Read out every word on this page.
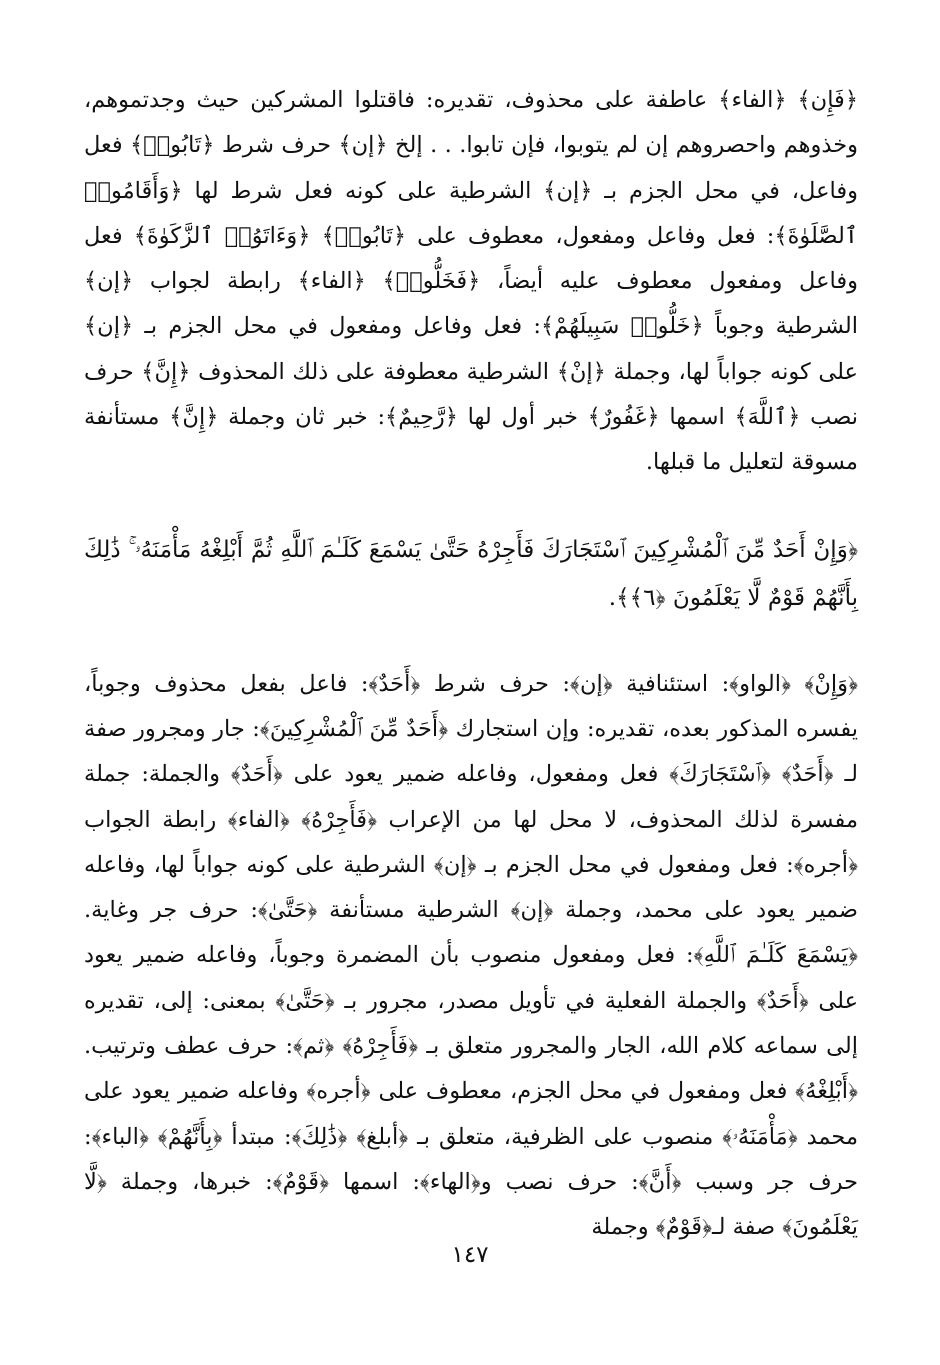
﴿فَإِن﴾ ﴿الفاء﴾ عاطفة على محذوف، تقديره: فاقتلوا المشركين حيث وجدتموهم، وخذوهم واحصروهم إن لم يتوبوا، فإن تابوا. . . إلخ ﴿إن﴾ حرف شرط ﴿تَابُوا۟﴾ فعل وفاعل، في محل الجزم بـ ﴿إن﴾ الشرطية على كونه فعل شرط لها ﴿وَأَقَامُوا۟ ٱلصَّلَوٰةَ﴾: فعل وفاعل ومفعول، معطوف على ﴿تَابُوا۟﴾ ﴿وَءَاتَوُا۟ ٱلزَّكَوٰةَ﴾ فعل وفاعل ومفعول معطوف عليه أيضاً، ﴿فَخَلُّوا۟﴾ ﴿الفاء﴾ رابطة لجواب ﴿إن﴾ الشرطية وجوباً ﴿خَلُّوا۟ سَبِيلَهُمْ﴾: فعل وفاعل ومفعول في محل الجزم بـ ﴿إن﴾ على كونه جواباً لها، وجملة ﴿إنْ﴾ الشرطية معطوفة على ذلك المحذوف ﴿إِنَّ﴾ حرف نصب ﴿ٱللَّهَ﴾ اسمها ﴿غَفُورٌ﴾ خبر أول لها ﴿رَّحِيمٌ﴾: خبر ثان وجملة ﴿إِنَّ﴾ مستأنفة مسوقة لتعليل ما قبلها.

﴿وَإِنْ أَحَدٌ مِّنَ ٱلْمُشْرِكِينَ ٱسْتَجَارَكَ فَأَجِرْهُ حَتَّىٰ يَسْمَعَ كَلَـٰمَ ٱللَّهِ ثُمَّ أَبْلِغْهُ مَأْمَنَهُۥ ۚ ذَٰلِكَ بِأَنَّهُمْ قَوْمٌ لَّا يَعْلَمُونَ ﴿٦﴾﴾.

﴿وَإِنْ﴾ ﴿الواو﴾: استئنافية ﴿إن﴾: حرف شرط ﴿أَحَدٌ﴾: فاعل بفعل محذوف وجوباً، يفسره المذكور بعده، تقديره: وإن استجارك ﴿أَحَدٌ مِّنَ ٱلْمُشْرِكِينَ﴾: جار ومجرور صفة لـ ﴿أَحَدٌ﴾ ﴿ٱسْتَجَارَكَ﴾ فعل ومفعول، وفاعله ضمير يعود على ﴿أَحَدٌ﴾ والجملة: جملة مفسرة لذلك المحذوف، لا محل لها من الإعراب ﴿فَأَجِرْهُ﴾ ﴿الفاء﴾ رابطة الجواب ﴿أجره﴾: فعل ومفعول في محل الجزم بـ ﴿إن﴾ الشرطية على كونه جواباً لها، وفاعله ضمير يعود على محمد، وجملة ﴿إن﴾ الشرطية مستأنفة ﴿حَتَّىٰ﴾: حرف جر وغاية. ﴿يَسْمَعَ كَلَـٰمَ ٱللَّهِ﴾: فعل ومفعول منصوب بأن المضمرة وجوباً، وفاعله ضمير يعود على ﴿أَحَدٌ﴾ والجملة الفعلية في تأويل مصدر، مجرور بـ ﴿حَتَّىٰ﴾ بمعنى: إلى، تقديره إلى سماعه كلام الله، الجار والمجرور متعلق بـ ﴿فَأَجِرْهُ﴾ ﴿ثم﴾: حرف عطف وترتيب. ﴿أَبْلِغْهُ﴾ فعل ومفعول في محل الجزم، معطوف على ﴿أجره﴾ وفاعله ضمير يعود على محمد ﴿مَأْمَنَهُۥ﴾ منصوب على الظرفية، متعلق بـ ﴿أبلغ﴾ ﴿ذَٰلِكَ﴾: مبتدأ ﴿بِأَنَّهُمْ﴾ ﴿الباء﴾: حرف جر وسبب ﴿أَنَّ﴾: حرف نصب و﴿الهاء﴾: اسمها ﴿قَوْمٌ﴾: خبرها، وجملة ﴿لَّا يَعْلَمُونَ﴾ صفة لـ﴿قَوْمٌ﴾ وجملة

١٤٧
